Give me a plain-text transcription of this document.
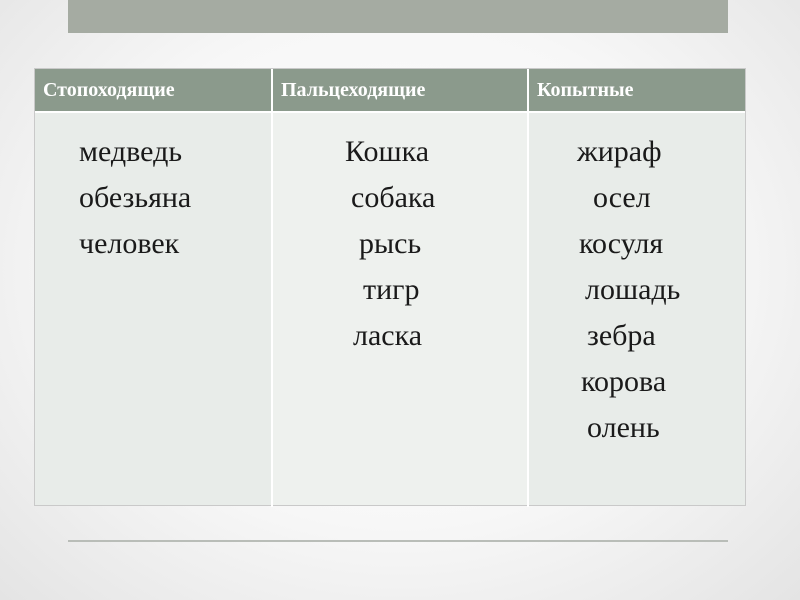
Стопоходящие	Пальцеходящие	Копытные
медведь
обезьяна
человек
Кошка
собака
рысь
тигр
ласка
жираф
осел
косуля
лошадь
зебра
корова
олень
